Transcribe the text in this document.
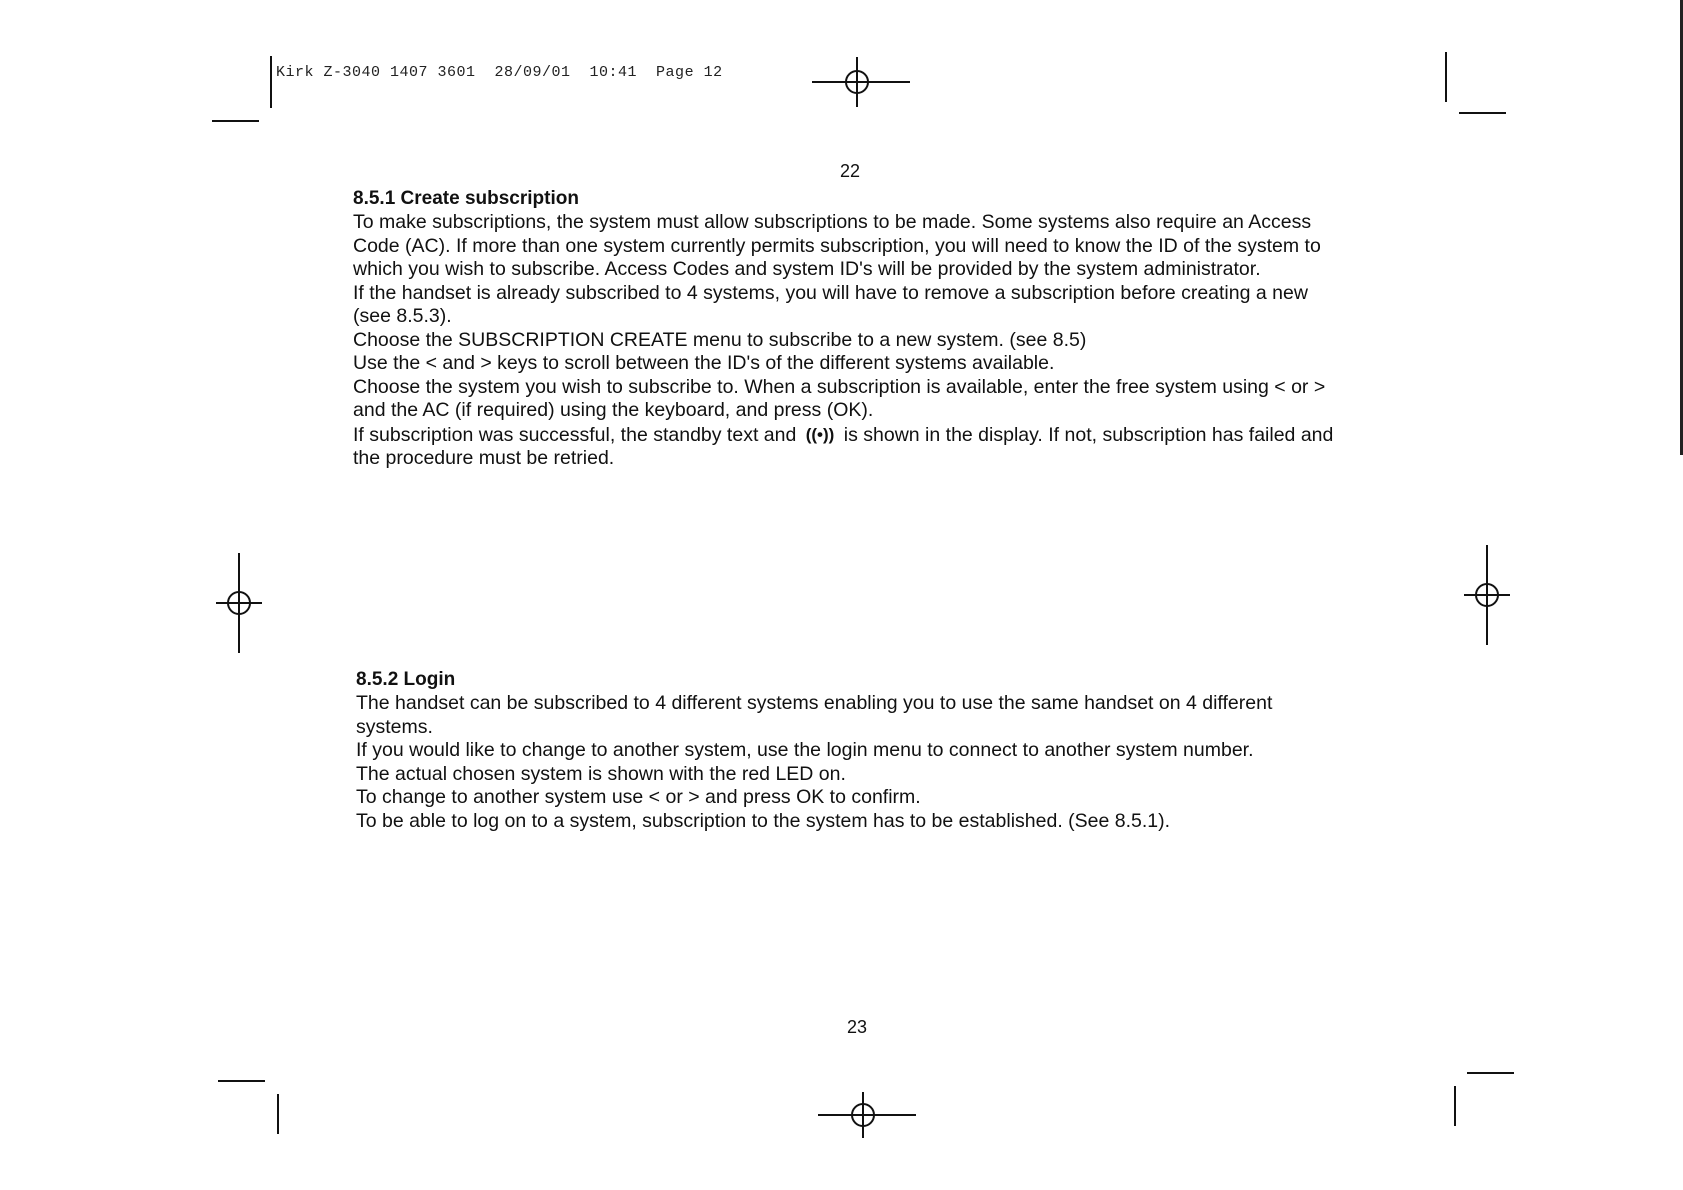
Kirk Z-3040 1407 3601  28/09/01  10:41  Page 12
22
23
8.5.1 Create subscription
To make subscriptions, the system must allow subscriptions to be made. Some systems also require an Access
Code (AC). If more than one system currently permits subscription, you will need to know the ID of the system to
which you wish to subscribe. Access Codes and system ID's will be provided by the system administrator.
If the handset is already subscribed to 4 systems, you will have to remove a subscription before creating a new
(see 8.5.3).
Choose the SUBSCRIPTION CREATE menu to subscribe to a new system. (see 8.5)
Use the < and > keys to scroll between the ID's of the different systems available.
Choose the system you wish to subscribe to. When a subscription is available, enter the free system using < or >
and the AC (if required) using the keyboard, and press (OK).
If subscription was successful, the standby text and ((•)) is shown in the display. If not, subscription has failed and
the procedure must be retried.
8.5.2 Login
The handset can be subscribed to 4 different systems enabling you to use the same handset on 4 different
systems.
If you would like to change to another system, use the login menu to connect to another system number.
The actual chosen system is shown with the red LED on.
To change to another system use < or > and press OK to confirm.
To be able to log on to a system, subscription to the system has to be established. (See 8.5.1).
